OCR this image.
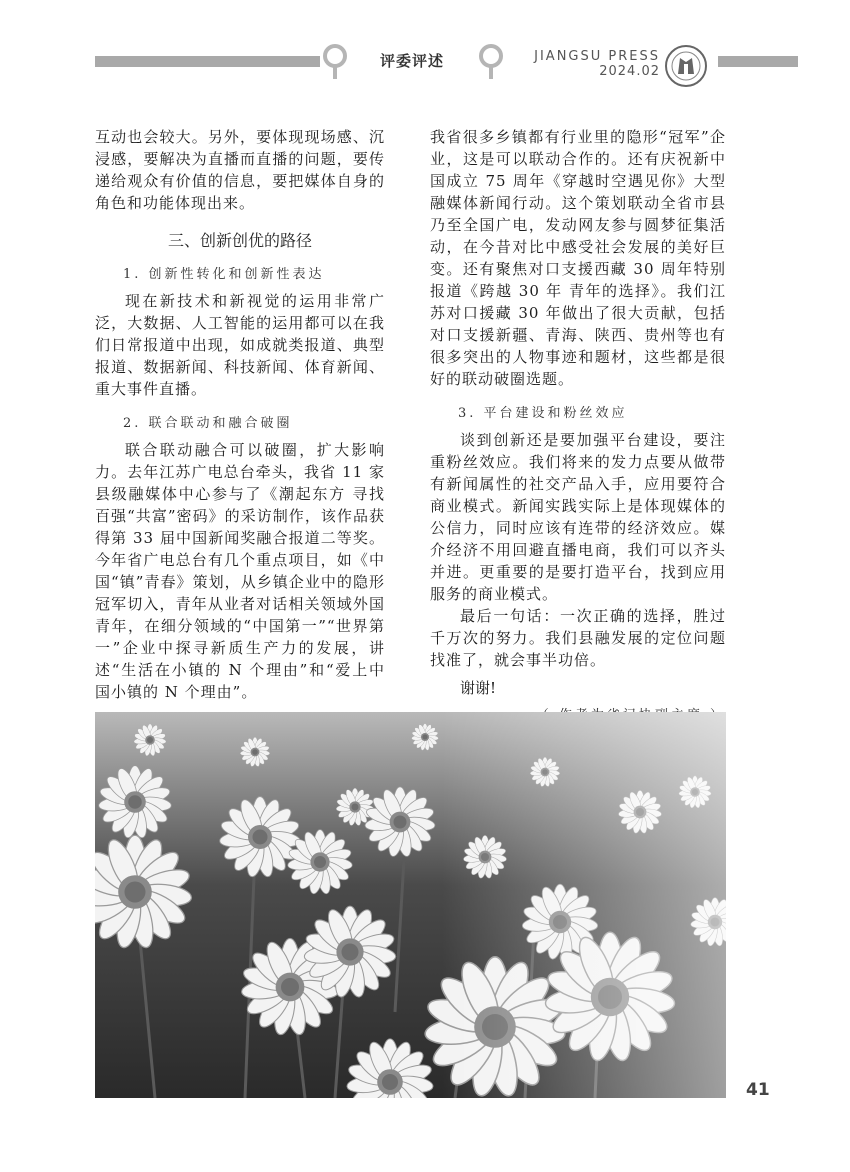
评委评述	JIANGSU PRESS
2024.02

互动也会较大。另外，要体现现场感、沉浸感，要解决为直播而直播的问题，要传递给观众有价值的信息，要把媒体自身的角色和功能体现出来。

三、创新创优的路径
1. 创新性转化和创新性表达

现在新技术和新视觉的运用非常广泛，大数据、人工智能的运用都可以在我们日常报道中出现，如成就类报道、典型报道、数据新闻、科技新闻、体育新闻、重大事件直播。

2. 联合联动和融合破圈

联合联动融合可以破圈，扩大影响力。去年江苏广电总台牵头，我省 11 家县级融媒体中心参与了《潮起东方 寻找百强“共富”密码》的采访制作，该作品获得第 33 届中国新闻奖融合报道二等奖。今年省广电总台有几个重点项目，如《中国“镇”青春》策划，从乡镇企业中的隐形冠军切入，青年从业者对话相关领域外国青年，在细分领域的“中国第一”“世界第一”企业中探寻新质生产力的发展，讲述“生活在小镇的 N 个理由”和“爱上中国小镇的 N 个理由”。

我省很多乡镇都有行业里的隐形“冠军”企业，这是可以联动合作的。还有庆祝新中国成立 75 周年《穿越时空遇见你》大型融媒体新闻行动。这个策划联动全省市县乃至全国广电，发动网友参与圆梦征集活动，在今昔对比中感受社会发展的美好巨变。还有聚焦对口支援西藏 30 周年特别报道《跨越 30 年 青年的选择》。我们江苏对口援藏 30 年做出了很大贡献，包括对口支援新疆、青海、陕西、贵州等也有很多突出的人物事迹和题材，这些都是很好的联动破圈选题。

3. 平台建设和粉丝效应

谈到创新还是要加强平台建设，要注重粉丝效应。我们将来的发力点要从做带有新闻属性的社交产品入手，应用要符合商业模式。新闻实践实际上是体现媒体的公信力，同时应该有连带的经济效应。媒介经济不用回避直播电商，我们可以齐头并进。更重要的是要打造平台，找到应用服务的商业模式。

最后一句话：一次正确的选择，胜过千万次的努力。我们县融发展的定位问题找准了，就会事半功倍。

谢谢!
41
